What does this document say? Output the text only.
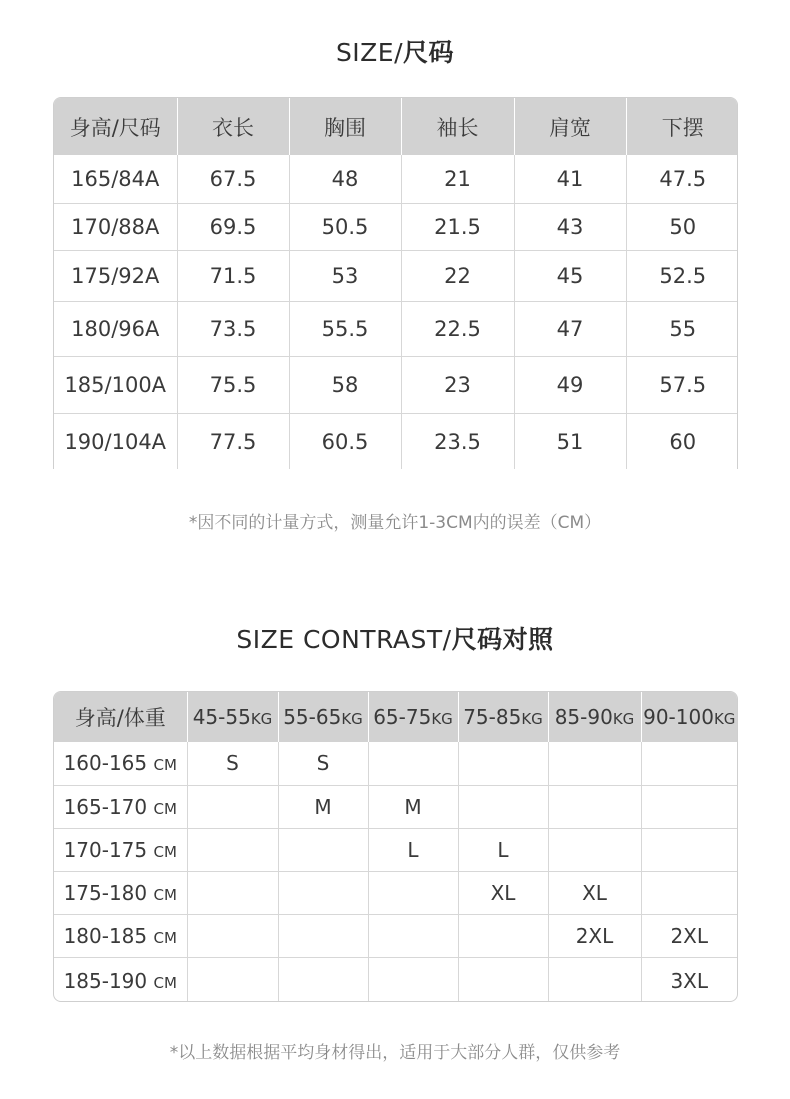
SIZE/尺码
身高/尺码	衣长	胸围	袖长	肩宽	下摆
165/84A	67.5	48	21	41	47.5
170/88A	69.5	50.5	21.5	43	50
175/92A	71.5	53	22	45	52.5
180/96A	73.5	55.5	22.5	47	55
185/100A	75.5	58	23	49	57.5
190/104A	77.5	60.5	23.5	51	60
*因不同的计量方式，测量允许1-3CM内的误差（CM）
SIZE CONTRAST/尺码对照
身高/体重	45-55KG	55-65KG	65-75KG	75-85KG	85-90KG	90-100KG
160-165 CM	S	S				
165-170 CM		M	M			
170-175 CM			L	L		
175-180 CM				XL	XL	
180-185 CM					2XL	2XL
185-190 CM						3XL
*以上数据根据平均身材得出，适用于大部分人群，仅供参考
